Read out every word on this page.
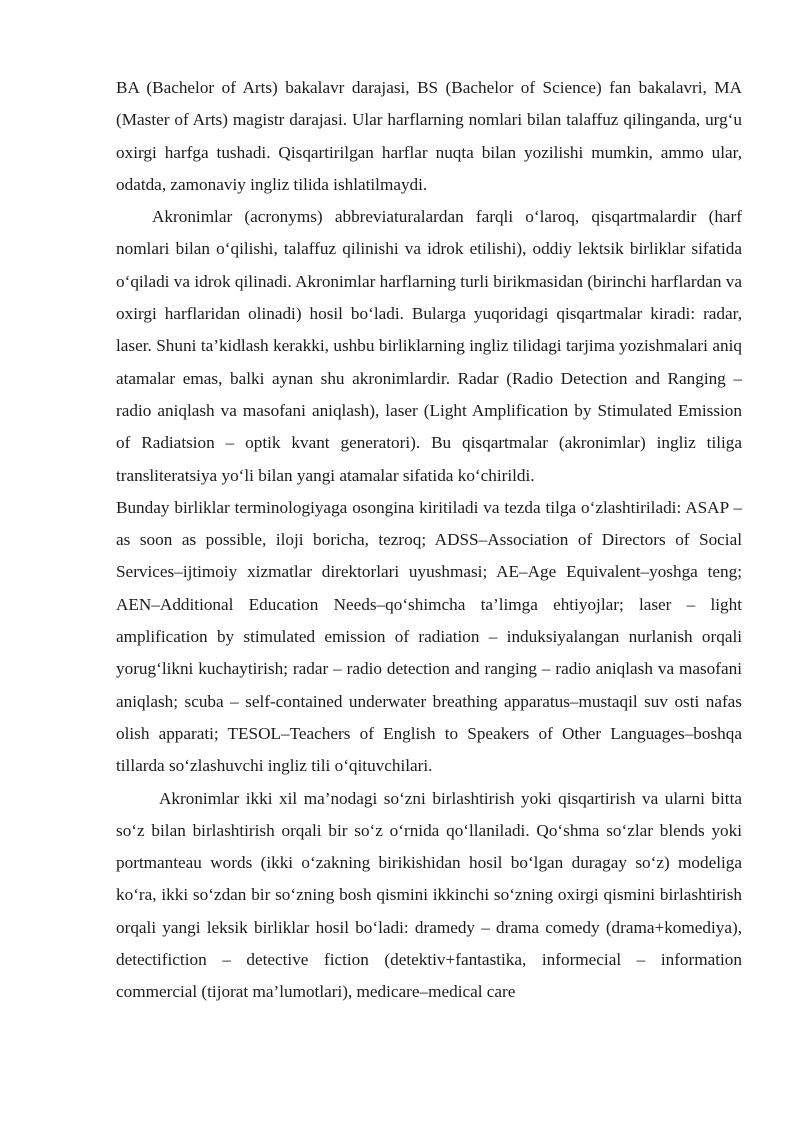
BA (Bachelor of Arts) bakalavr darajasi, BS (Bachelor of Science) fan bakalavri, MA (Master of Arts) magistr darajasi. Ular harflarning nomlari bilan talaffuz qilinganda, urg‘u oxirgi harfga tushadi. Qisqartirilgan harflar nuqta bilan yozilishi mumkin, ammo ular, odatda, zamonaviy ingliz tilida ishlatilmaydi.

Akronimlar (acronyms) abbreviaturalardan farqli o‘laroq, qisqartmalardir (harf nomlari bilan o‘qilishi, talaffuz qilinishi va idrok etilishi), oddiy lektsik birliklar sifatida o‘qiladi va idrok qilinadi. Akronimlar harflarning turli birikmasidan (birinchi harflardan va oxirgi harflaridan olinadi) hosil bo‘ladi. Bularga yuqoridagi qisqartmalar kiradi: radar, laser. Shuni ta’kidlash kerakki, ushbu birliklarning ingliz tilidagi tarjima yozishmalari aniq atamalar emas, balki aynan shu akronimlardir. Radar (Radio Detection and Ranging – radio aniqlash va masofani aniqlash), laser (Light Amplification by Stimulated Emission of Radiatsion – optik kvant generatori). Bu qisqartmalar (akronimlar) ingliz tiliga transliteratsiya yo‘li bilan yangi atamalar sifatida ko‘chirildi.

Bunday birliklar terminologiyaga osongina kiritiladi va tezda tilga o‘zlashtiriladi: ASAP – as soon as possible, iloji boricha, tezroq; ADSS–Association of Directors of Social Services–ijtimoiy xizmatlar direktorlari uyushmasi; AE–Age Equivalent–yoshga teng; AEN–Additional Education Needs–qo‘shimcha ta’limga ehtiyojlar; laser – light amplification by stimulated emission of radiation – induksiyalangan nurlanish orqali yorug‘likni kuchaytirish; radar – radio detection and ranging – radio aniqlash va masofani aniqlash; scuba – self-contained underwater breathing apparatus–mustaqil suv osti nafas olish apparati; TESOL–Teachers of English to Speakers of Other Languages–boshqa tillarda so‘zlashuvchi ingliz tili o‘qituvchilari.

Akronimlar ikki xil ma’nodagi so‘zni birlashtirish yoki qisqartirish va ularni bitta so‘z bilan birlashtirish orqali bir so‘z o‘rnida qo‘llaniladi. Qo‘shma so‘zlar blends yoki portmanteau words (ikki o‘zakning birikishidan hosil bo‘lgan duragay so‘z) modeliga ko‘ra, ikki so‘zdan bir so‘zning bosh qismini ikkinchi so‘zning oxirgi qismini birlashtirish orqali yangi leksik birliklar hosil bo‘ladi: dramedy – drama comedy (drama+komediya), detectifiction – detective fiction (detektiv+fantastika, informecial – information commercial (tijorat ma’lumotlari), medicare–medical care
